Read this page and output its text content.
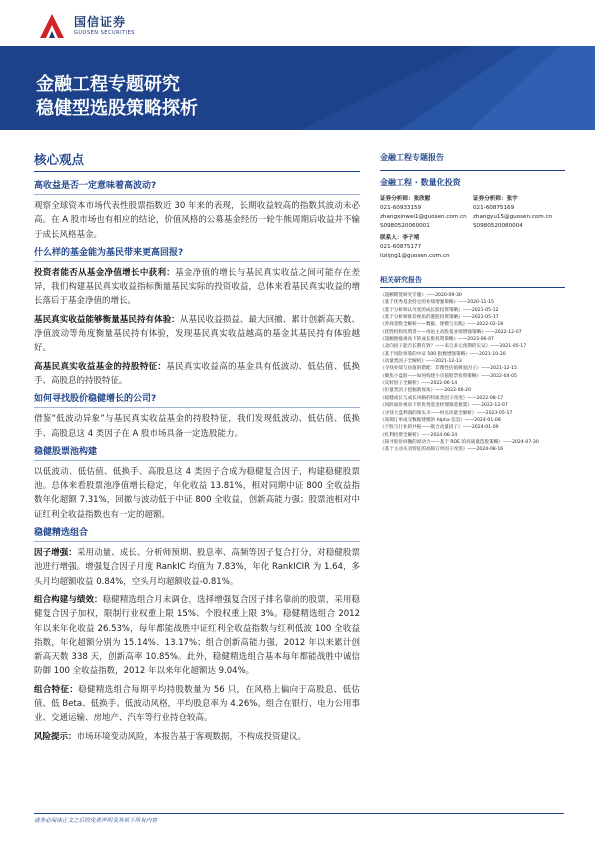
国信证券
GUOSEN SECURITIES
金融工程专题研究
稳健型选股策略探析
核心观点
高收益是否一定意味着高波动?
观察全球资本市场代表性股票指数近 30 年来的表现，长期收益较高的指数其波动未必高。在 A 股市场也有相应的结论，价值风格的公募基金经历一轮牛熊周期后收益并不输于成长风格基金。
什么样的基金能为基民带来更高回报?
投资者能否从基金净值增长中获利：基金净值的增长与基民真实收益之间可能存在差异，我们构建基民真实收益指标衡量基民实际的投资收益，总体来看基民真实收益的增长落后于基金净值的增长。
基民真实收益能够衡量基民持有体验：从基民收益损益、最大回撤、累计创新高天数、净值波动等角度衡量基民持有体验，发现基民真实收益越高的基金其基民持有体验越好。
高基民真实收益基金的持股特征：基民真实收益高的基金具有低波动、低估值、低换手、高股息的持股特征。
如何寻找股价稳健增长的公司?
借鉴“低波动异象”与基民真实收益基金的持股特征，我们发现低波动、低估值、低换手、高股息这 4 类因子在 A 股市场具备一定选股能力。
稳健股票池构建
以低波动、低估值、低换手、高股息这 4 类因子合成为稳健复合因子，构建稳健股票池。总体来看股票池净值增长稳定，年化收益 13.81%，相对同期中证 800 全收益指数年化超额 7.31%，回撤与波动低于中证 800 全收益，创新高能力强；股票池相对中证红利全收益指数也有一定的超额。
稳健精选组合
因子增强：采用动量、成长、分析师预期、股息率、高频等因子复合打分，对稳健股票池进行增强。增强复合因子月度 RankIC 均值为 7.83%，年化 RankICIR 为 1.64，多头月均超额收益 0.84%，空头月均超额收益-0.81%。
组合构建与绩效：稳健精选组合月末调仓，选择增强复合因子排名靠前的股票，采用稳健复合因子加权，限制行业权重上限 15%、个股权重上限 3%。稳健精选组合 2012 年以来年化收益 26.53%，每年都能战胜中证红利全收益指数与红利低波 100 全收益指数，年化超额分别为 15.14%、13.17%；组合创新高能力强，2012 年以来累计创新高天数 338 天，创新高率 10.85%。此外，稳健精选组合基本每年都能战胜中诚信防御 100 全收益指数，2012 年以来年化超额达 9.04%。
组合特征：稳健精选组合每期平均持股数量为 56 只，在风格上偏向于高股息、低估值、低 Beta、低换手、低波动风格，平均股息率为 4.26%。组合在银行、电力公用事业、交通运输、房地产、汽车等行业持仓较高。
风险提示：市场环境变动风险，本报告基于客观数据，不构成投资建议。
金融工程专题报告
金融工程 · 数量化投资
证券分析师：张欣慰
021-60933159
zhangxinwei1@guosen.com.cn
S0980520060001
证券分析师：张宇
021-60875169
zhangyu15@guosen.com.cn
S0980520080004
联系人：李子靖
021-60875177
liziijng1@guosen.com.cn
相关研究报告
《超额期货研究专题》——2020-09-30
《基于优秀基金持仓的业绩增强策略》——2020-11-15
《基于分析师认可度的成长股投资策略》——2021-05-12
《基于分析师推荐视角的港股投资策略》——2021-05-17
《券商金股全解析——数据、建模与实践》——2022-02-18
《优胜机构投资者——再论主动股基业绩增强策略》——2022-12-07
《超额围涨视角下的成长股投资策略》——2023-06-07
《北向因子能否长期有效？——来自多元预期的实证》——2021-05-17
《基于风险预算的中证 500 指数增强策略》——2021-10-20
《动量类因子全解析》——2021-12-13
《寻找业绩与估值的错配：非理性估值修复因子》——2021-12-15
《聚焦小盘股——如何构建小市值股票投资策略》——2022-04-05
《反转因子全解析》——2022-06-14
《价量类因子挖掘新视角》——2022-06-20
《稳健成长与成长风格的特质类因子改进》——2022-08-17
《风险溢价视角下的优秀基金经理筛选框架》——2022-12-07
《寻找大盘利润的领头羊——时点动量全解析》——2023-05-17
《高频订单成交数据建模的 Alpha 信息》——2024-01-08
《个股与行业的共振——联合动量因子》——2024-01-09
《红利投资全解析》——2024-06-24
《探寻股价回撤的原动力——基于 ROE 的高质量选股策略》——2024-07-30
《基于主动买卖特征的高频订单因子改进》——2024-08-16
请务必阅读正文之后的免责声明及其项下所有内容
